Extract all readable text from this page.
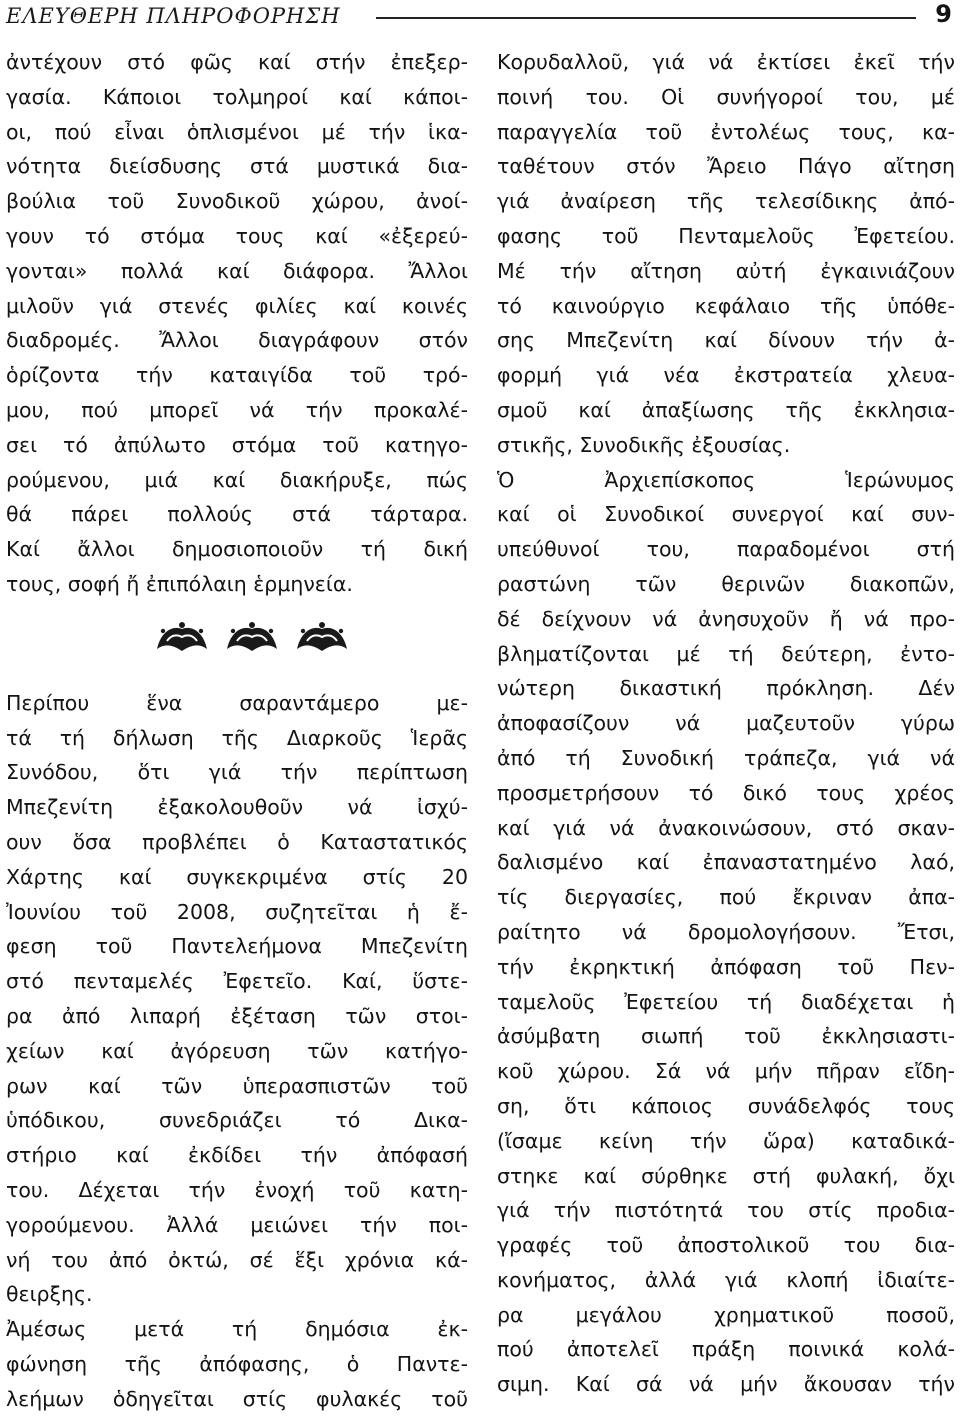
ΕΛΕΥΘΕΡΗ ΠΛΗΡΟΦΟΡΗΣΗ	9
ἀντέχουν στό φῶς καί στήν ἐπεξερ-
γασία. Κάποιοι τολμηροί καί κάποι-
οι, πού εἶναι ὁπλισμένοι μέ τήν ἱκα-
νότητα διείσδυσης στά μυστικά δια-
βούλια τοῦ Συνοδικοῦ χώρου, ἀνοί-
γουν τό στόμα τους καί «ἐξερεύ-
γονται» πολλά καί διάφορα. Ἄλλοι
μιλοῦν γιά στενές φιλίες καί κοινές
διαδρομές. Ἄλλοι διαγράφουν στόν
ὁρίζοντα τήν καταιγίδα τοῦ τρό-
μου, πού μπορεῖ νά τήν προκαλέ-
σει τό ἀπύλωτο στόμα τοῦ κατηγο-
ρούμενου, μιά καί διακήρυξε, πώς
θά πάρει πολλούς στά τάρταρα.
Καί ἄλλοι δημοσιοποιοῦν τή δική
τους, σοφή ἤ ἐπιπόλαιη ἑρμηνεία.
Περίπου ἕνα σαραντάμερο με-
τά τή δήλωση τῆς Διαρκοῦς Ἱερᾶς
Συνόδου, ὅτι γιά τήν περίπτωση
Μπεζενίτη ἐξακολουθοῦν νά ἰσχύ-
ουν ὅσα προβλέπει ὁ Καταστατικός
Χάρτης καί συγκεκριμένα στίς 20
Ἰουνίου τοῦ 2008, συζητεῖται ἡ ἔ-
φεση τοῦ Παντελεήμονα Μπεζενίτη
στό πενταμελές Ἐφετεῖο. Καί, ὕστε-
ρα ἀπό λιπαρή ἐξέταση τῶν στοι-
χείων καί ἀγόρευση τῶν κατήγο-
ρων καί τῶν ὑπερασπιστῶν τοῦ
ὑπόδικου, συνεδριάζει τό Δικα-
στήριο καί ἐκδίδει τήν ἀπόφασή
του. Δέχεται τήν ἐνοχή τοῦ κατη-
γορούμενου. Ἀλλά μειώνει τήν ποι-
νή του ἀπό ὀκτώ, σέ ἕξι χρόνια κά-
θειρξης.
Ἀμέσως μετά τή δημόσια ἐκ-
φώνηση τῆς ἀπόφασης, ὁ Παντε-
λεήμων ὁδηγεῖται στίς φυλακές τοῦ
Κορυδαλλοῦ, γιά νά ἐκτίσει ἐκεῖ τήν
ποινή του. Οἱ συνήγοροί του, μέ
παραγγελία τοῦ ἐντολέως τους, κα-
ταθέτουν στόν Ἄρειο Πάγο αἴτηση
γιά ἀναίρεση τῆς τελεσίδικης ἀπό-
φασης τοῦ Πενταμελοῦς Ἐφετείου.
Μέ τήν αἴτηση αὐτή ἐγκαινιάζουν
τό καινούργιο κεφάλαιο τῆς ὑπόθε-
σης Μπεζενίτη καί δίνουν τήν ἀ-
φορμή γιά νέα ἐκστρατεία χλευα-
σμοῦ καί ἀπαξίωσης τῆς ἐκκλησια-
στικῆς, Συνοδικῆς ἐξουσίας.
Ὁ Ἀρχιεπίσκοπος Ἱερώνυμος
καί οἱ Συνοδικοί συνεργοί καί συν-
υπεύθυνοί του, παραδομένοι στή
ραστώνη τῶν θερινῶν διακοπῶν,
δέ δείχνουν νά ἀνησυχοῦν ἤ νά προ-
βληματίζονται μέ τή δεύτερη, ἐντο-
νώτερη δικαστική πρόκληση. Δέν
ἀποφασίζουν νά μαζευτοῦν γύρω
ἀπό τή Συνοδική τράπεζα, γιά νά
προσμετρήσουν τό δικό τους χρέος
καί γιά νά ἀνακοινώσουν, στό σκαν-
δαλισμένο καί ἐπαναστατημένο λαό,
τίς διεργασίες, πού ἔκριναν ἀπα-
ραίτητο νά δρομολογήσουν. Ἔτσι,
τήν ἐκρηκτική ἀπόφαση τοῦ Πεν-
ταμελοῦς Ἐφετείου τή διαδέχεται ἡ
ἀσύμβατη σιωπή τοῦ ἐκκλησιαστι-
κοῦ χώρου. Σά νά μήν πῆραν εἴδη-
ση, ὅτι κάποιος συνάδελφός τους
(ἴσαμε κείνη τήν ὥρα) καταδικά-
στηκε καί σύρθηκε στή φυλακή, ὄχι
γιά τήν πιστότητά του στίς προδια-
γραφές τοῦ ἀποστολικοῦ του δια-
κονήματος, ἀλλά γιά κλοπή ἰδιαίτε-
ρα μεγάλου χρηματικοῦ ποσοῦ,
πού ἀποτελεῖ πράξη ποινικά κολά-
σιμη. Καί σά νά μήν ἄκουσαν τήν
